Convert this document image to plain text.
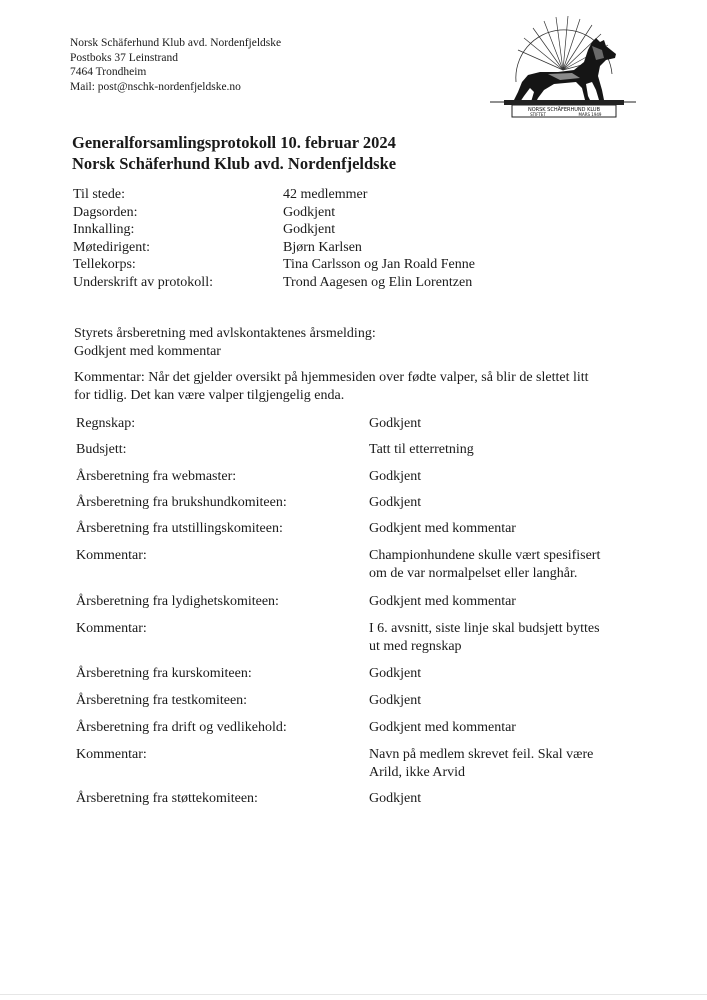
Norsk Schäferhund Klub avd. Nordenfjeldske
Postboks 37 Leinstrand
7464 Trondheim
Mail: post@nschk-nordenfjeldske.no
NORSK SCHÄFERHUND KLUB
STIFTET	MARS 1949
Generalforsamlingsprotokoll 10. februar 2024
Norsk Schäferhund Klub avd. Nordenfjeldske
Til stede:	42 medlemmer
Dagsorden:	Godkjent
Innkalling:	Godkjent
Møtedirigent:	Bjørn Karlsen
Tellekorps:	Tina Carlsson og Jan Roald Fenne
Underskrift av protokoll:	Trond Aagesen og Elin Lorentzen
Styrets årsberetning med avlskontaktenes årsmelding:
Godkjent med kommentar
Kommentar: Når det gjelder oversikt på hjemmesiden over fødte valper, så blir de slettet litt
for tidlig. Det kan være valper tilgjengelig enda.
Regnskap:	Godkjent
Budsjett:	Tatt til etterretning
Årsberetning fra webmaster:	Godkjent
Årsberetning fra brukshundkomiteen:	Godkjent
Årsberetning fra utstillingskomiteen:	Godkjent med kommentar
Kommentar:	Championhundene skulle vært spesifisert
om de var normalpelset eller langhår.
Årsberetning fra lydighetskomiteen:	Godkjent med kommentar
Kommentar:	I 6. avsnitt, siste linje skal budsjett byttes
ut med regnskap
Årsberetning fra kurskomiteen:	Godkjent
Årsberetning fra testkomiteen:	Godkjent
Årsberetning fra drift og vedlikehold:	Godkjent med kommentar
Kommentar:	Navn på medlem skrevet feil. Skal være
Arild, ikke Arvid
Årsberetning fra støttekomiteen:	Godkjent
